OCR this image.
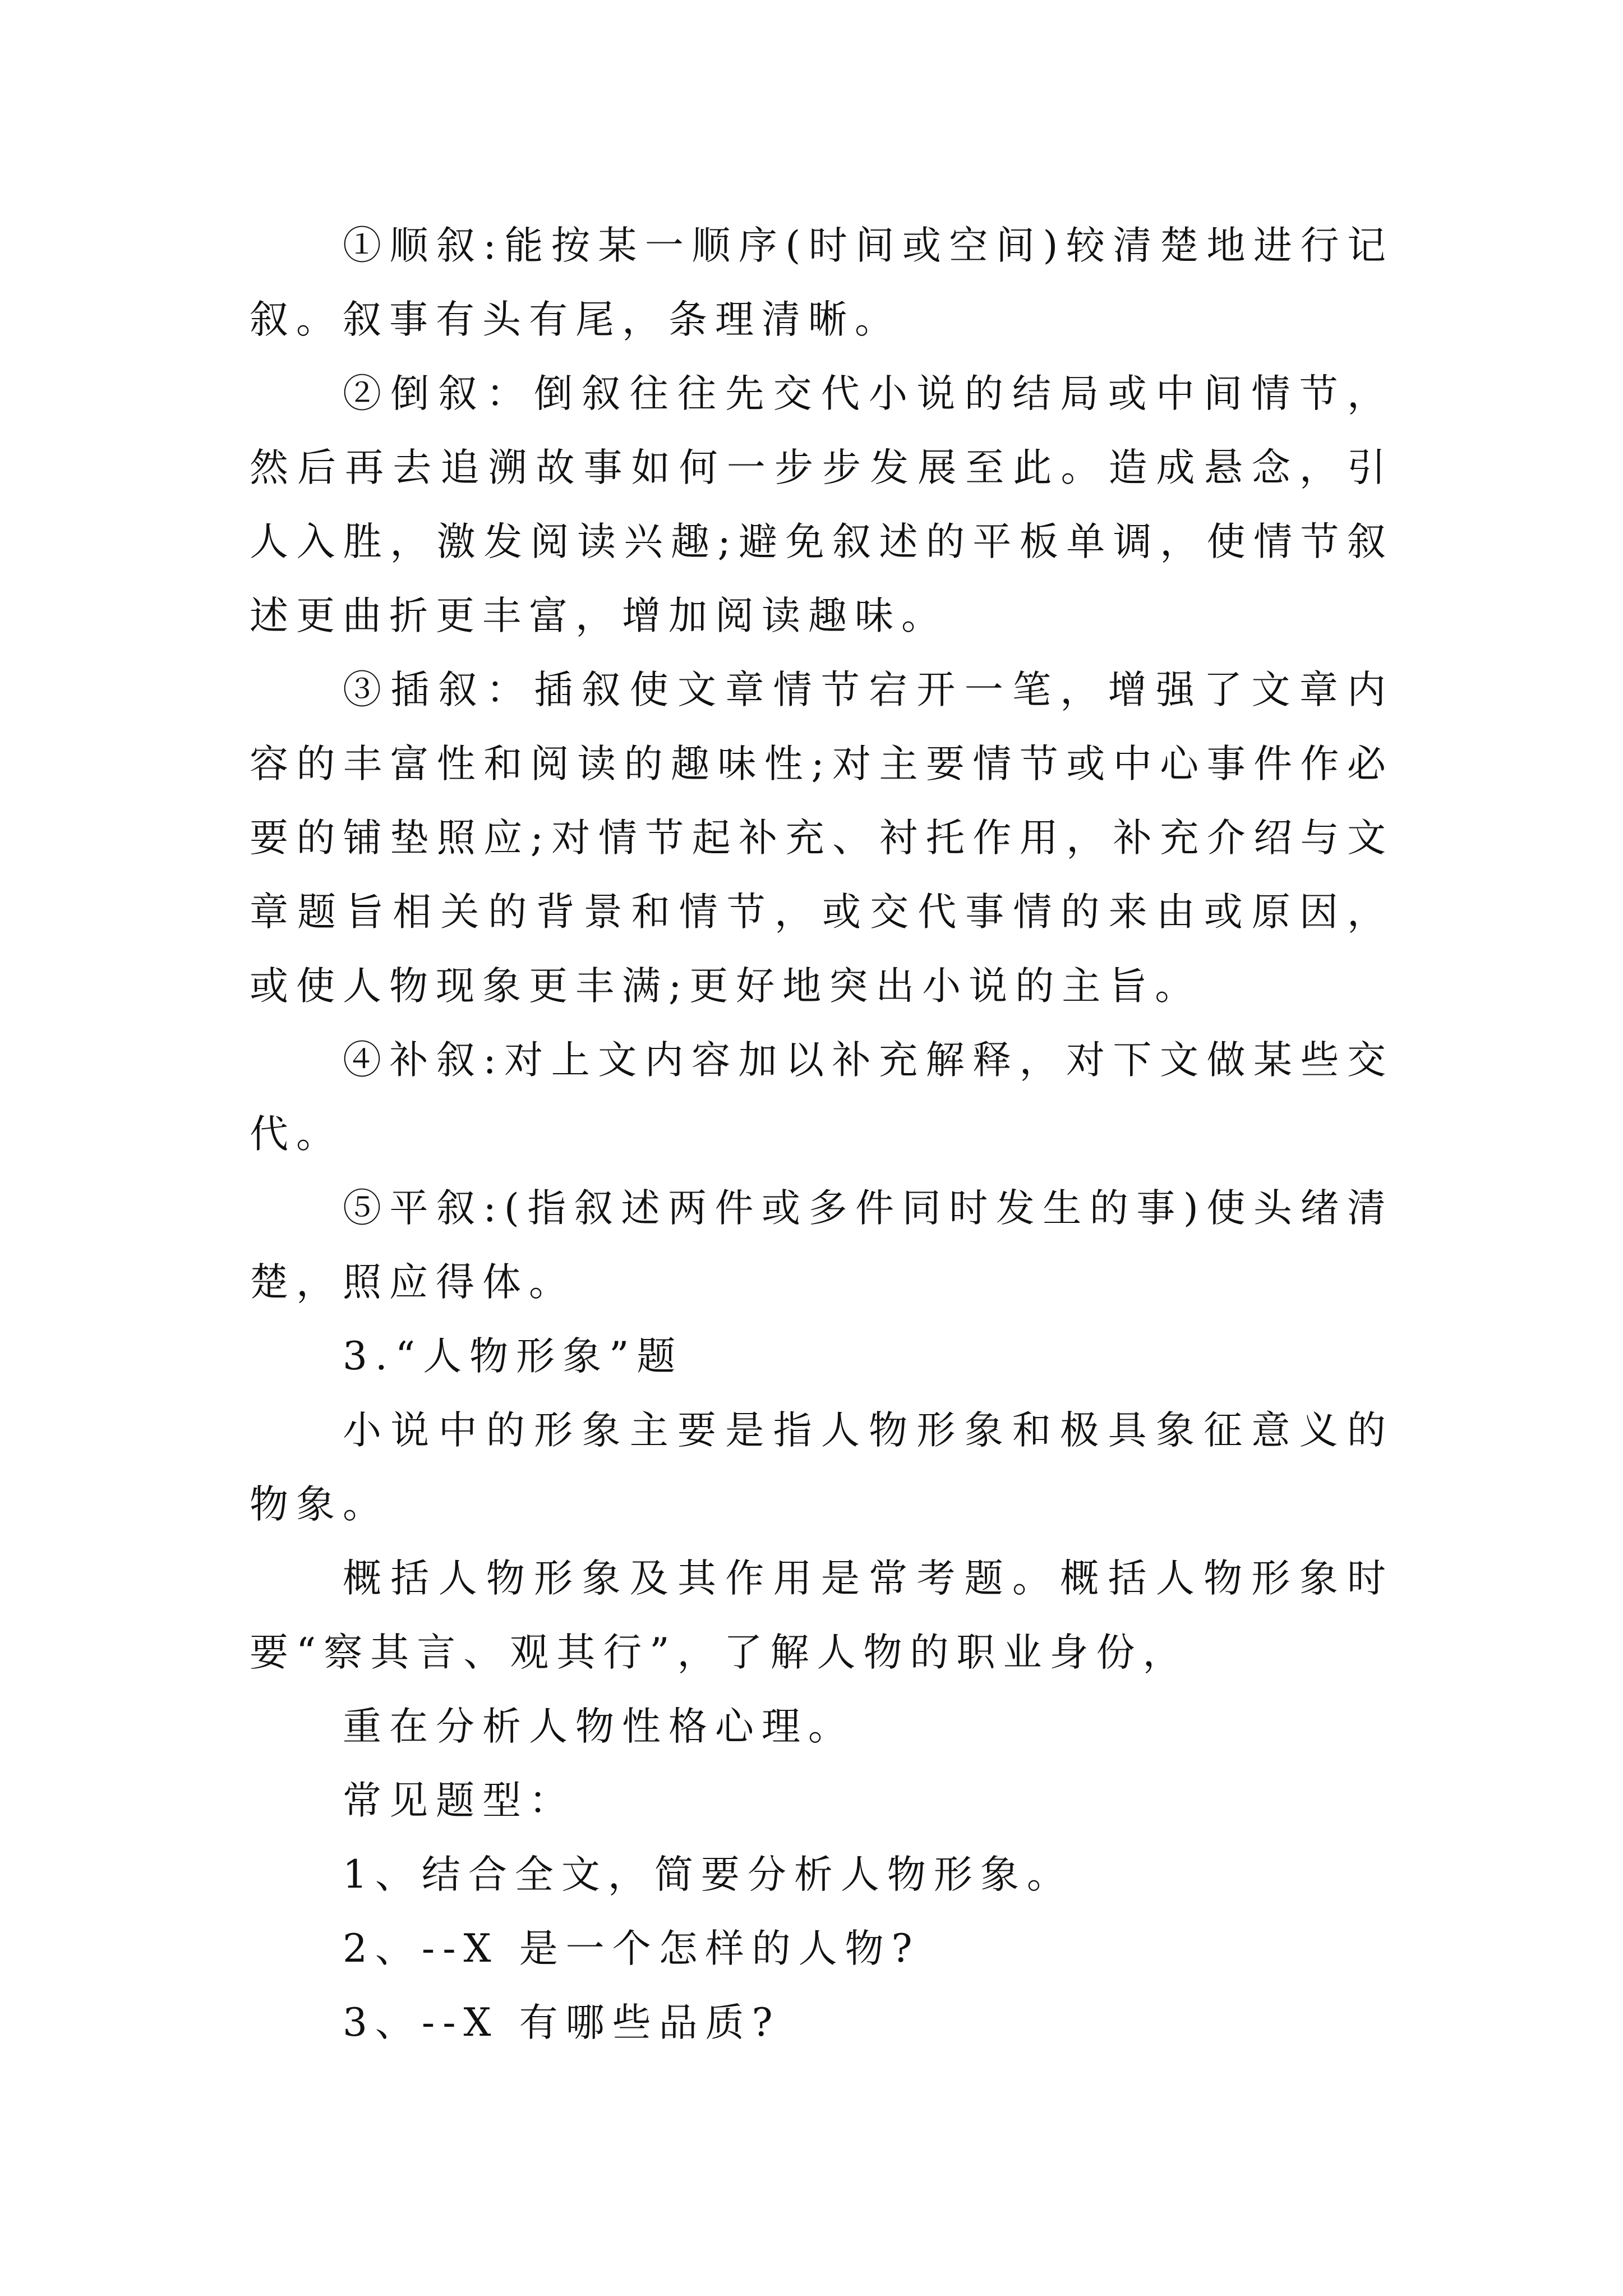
①顺叙:能按某一顺序(时间或空间)较清楚地进行记叙。叙事有头有尾，条理清晰。

②倒叙：倒叙往往先交代小说的结局或中间情节，然后再去追溯故事如何一步步发展至此。造成悬念，引人入胜，激发阅读兴趣;避免叙述的平板单调，使情节叙述更曲折更丰富，增加阅读趣味。

③插叙：插叙使文章情节宕开一笔，增强了文章内容的丰富性和阅读的趣味性;对主要情节或中心事件作必要的铺垫照应;对情节起补充、衬托作用，补充介绍与文章题旨相关的背景和情节，或交代事情的来由或原因，或使人物现象更丰满;更好地突出小说的主旨。

④补叙:对上文内容加以补充解释，对下文做某些交代。

⑤平叙:(指叙述两件或多件同时发生的事)使头绪清楚，照应得体。

3.“人物形象”题

小说中的形象主要是指人物形象和极具象征意义的物象。

概括人物形象及其作用是常考题。概括人物形象时要“察其言、观其行”，了解人物的职业身份，

重在分析人物性格心理。

常见题型：

1、结合全文，简要分析人物形象。

2、--X 是一个怎样的人物?

3、--X 有哪些品质?
